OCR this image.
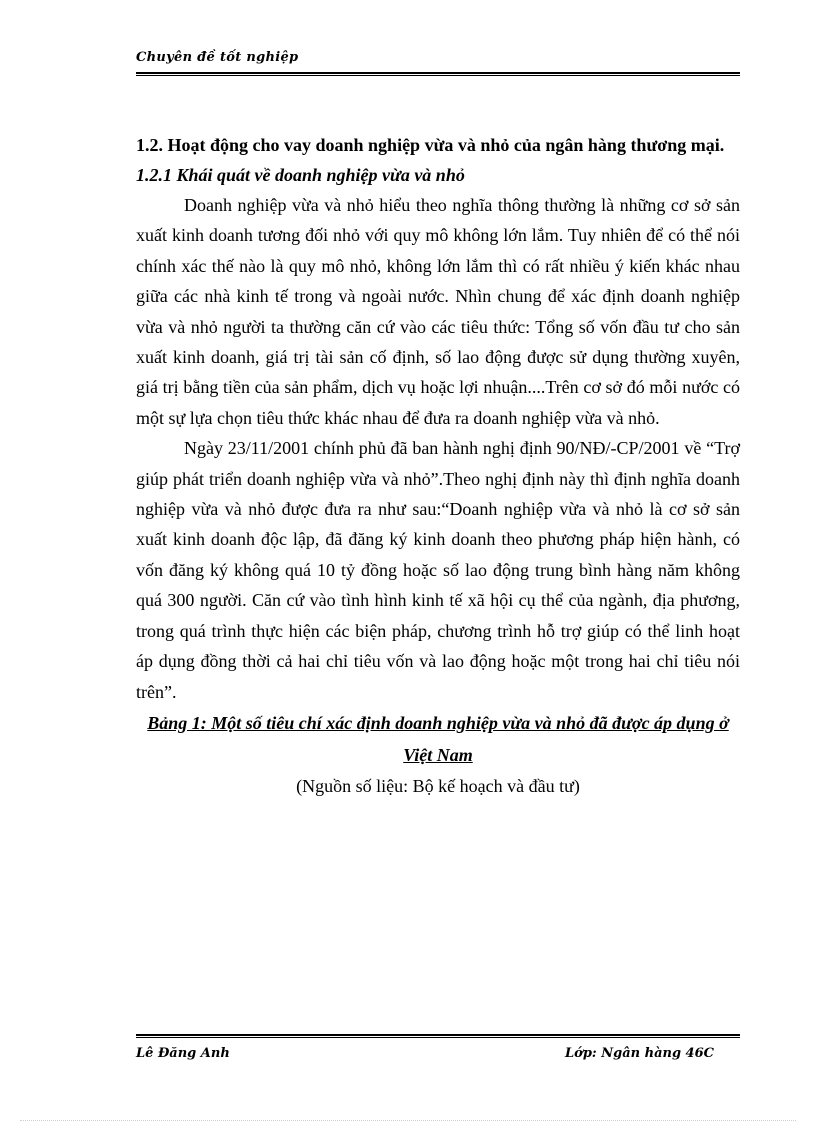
Chuyên đề tốt nghiệp

1.2. Hoạt động cho vay doanh nghiệp vừa và nhỏ của ngân hàng thương mại.

1.2.1 Khái quát về doanh nghiệp vừa và nhỏ

Doanh nghiệp vừa và nhỏ hiểu theo nghĩa thông thường là những cơ sở sản xuất kinh doanh tương đối nhỏ với quy mô không lớn lắm. Tuy nhiên để có thể nói chính xác thế nào là quy mô nhỏ, không lớn lắm thì có rất nhiều ý kiến khác nhau giữa các nhà kinh tế trong và ngoài nước. Nhìn chung để xác định doanh nghiệp vừa và nhỏ người ta thường căn cứ vào các tiêu thức: Tổng số vốn đầu tư cho sản xuất kinh doanh, giá trị tài sản cố định, số lao động được sử dụng thường xuyên, giá trị bằng tiền của sản phẩm, dịch vụ hoặc lợi nhuận....Trên cơ sở đó mỗi nước có một sự lựa chọn tiêu thức khác nhau để đưa ra doanh nghiệp vừa và nhỏ.

Ngày 23/11/2001 chính phủ đã ban hành nghị định 90/NĐ/-CP/2001 về “Trợ giúp phát triển doanh nghiệp vừa và nhỏ”.Theo nghị định này thì định nghĩa doanh nghiệp vừa và nhỏ được đưa ra như sau:“Doanh nghiệp vừa và nhỏ là cơ sở sản xuất kinh doanh độc lập, đã đăng ký kinh doanh theo phương pháp hiện hành, có vốn đăng ký không quá 10 tỷ đồng hoặc số lao động trung bình hàng năm không quá 300 người. Căn cứ vào tình hình kinh tế xã hội cụ thể của ngành, địa phương, trong quá trình thực hiện các biện pháp, chương trình hỗ trợ giúp có thể linh hoạt áp dụng đồng thời cả hai chỉ tiêu vốn và lao động hoặc một trong hai chỉ tiêu nói trên”.

Bảng 1: Một số tiêu chí xác định doanh nghiệp vừa và nhỏ đã được áp dụng ở Việt Nam

(Nguồn số liệu: Bộ kế hoạch và đầu tư)

Lê Đăng Anh	Lớp: Ngân hàng 46C
